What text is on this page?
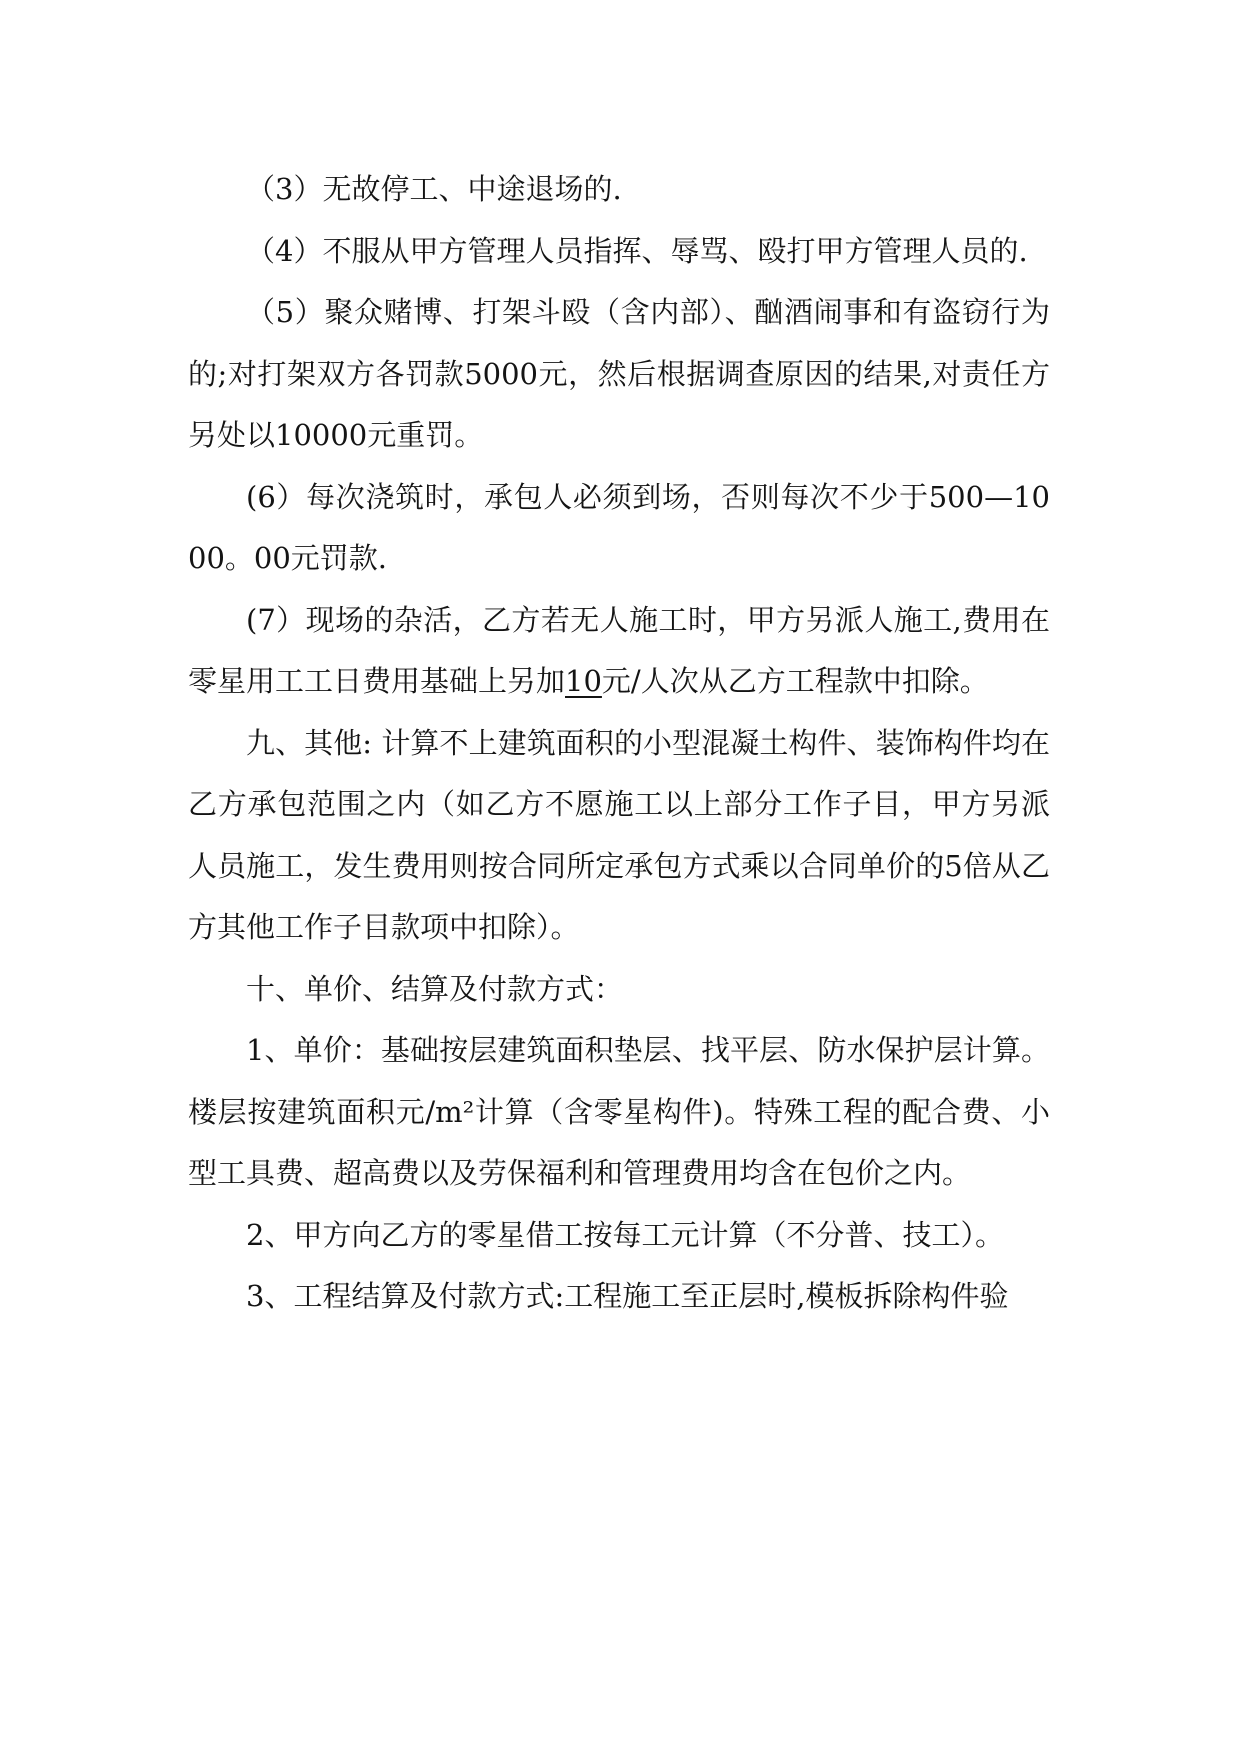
（3）无故停工、中途退场的.

（4）不服从甲方管理人员指挥、辱骂、殴打甲方管理人员的.

（5）聚众赌博、打架斗殴（含内部）、酗酒闹事和有盗窃行为的;对打架双方各罚款5000元，然后根据调查原因的结果,对责任方另处以10000元重罚。

(6）每次浇筑时，承包人必须到场，否则每次不少于500—1000。00元罚款.

(7）现场的杂活，乙方若无人施工时，甲方另派人施工,费用在零星用工工日费用基础上另加10元/人次从乙方工程款中扣除。

九、其他: 计算不上建筑面积的小型混凝土构件、装饰构件均在乙方承包范围之内（如乙方不愿施工以上部分工作子目，甲方另派人员施工，发生费用则按合同所定承包方式乘以合同单价的5倍从乙方其他工作子目款项中扣除）。

十、单价、结算及付款方式：

1、单价：基础按层建筑面积垫层、找平层、防水保护层计算。楼层按建筑面积元/m²计算（含零星构件)。特殊工程的配合费、小型工具费、超高费以及劳保福利和管理费用均含在包价之内。

2、甲方向乙方的零星借工按每工元计算（不分普、技工）。

3、工程结算及付款方式:工程施工至正层时,模板拆除构件验
